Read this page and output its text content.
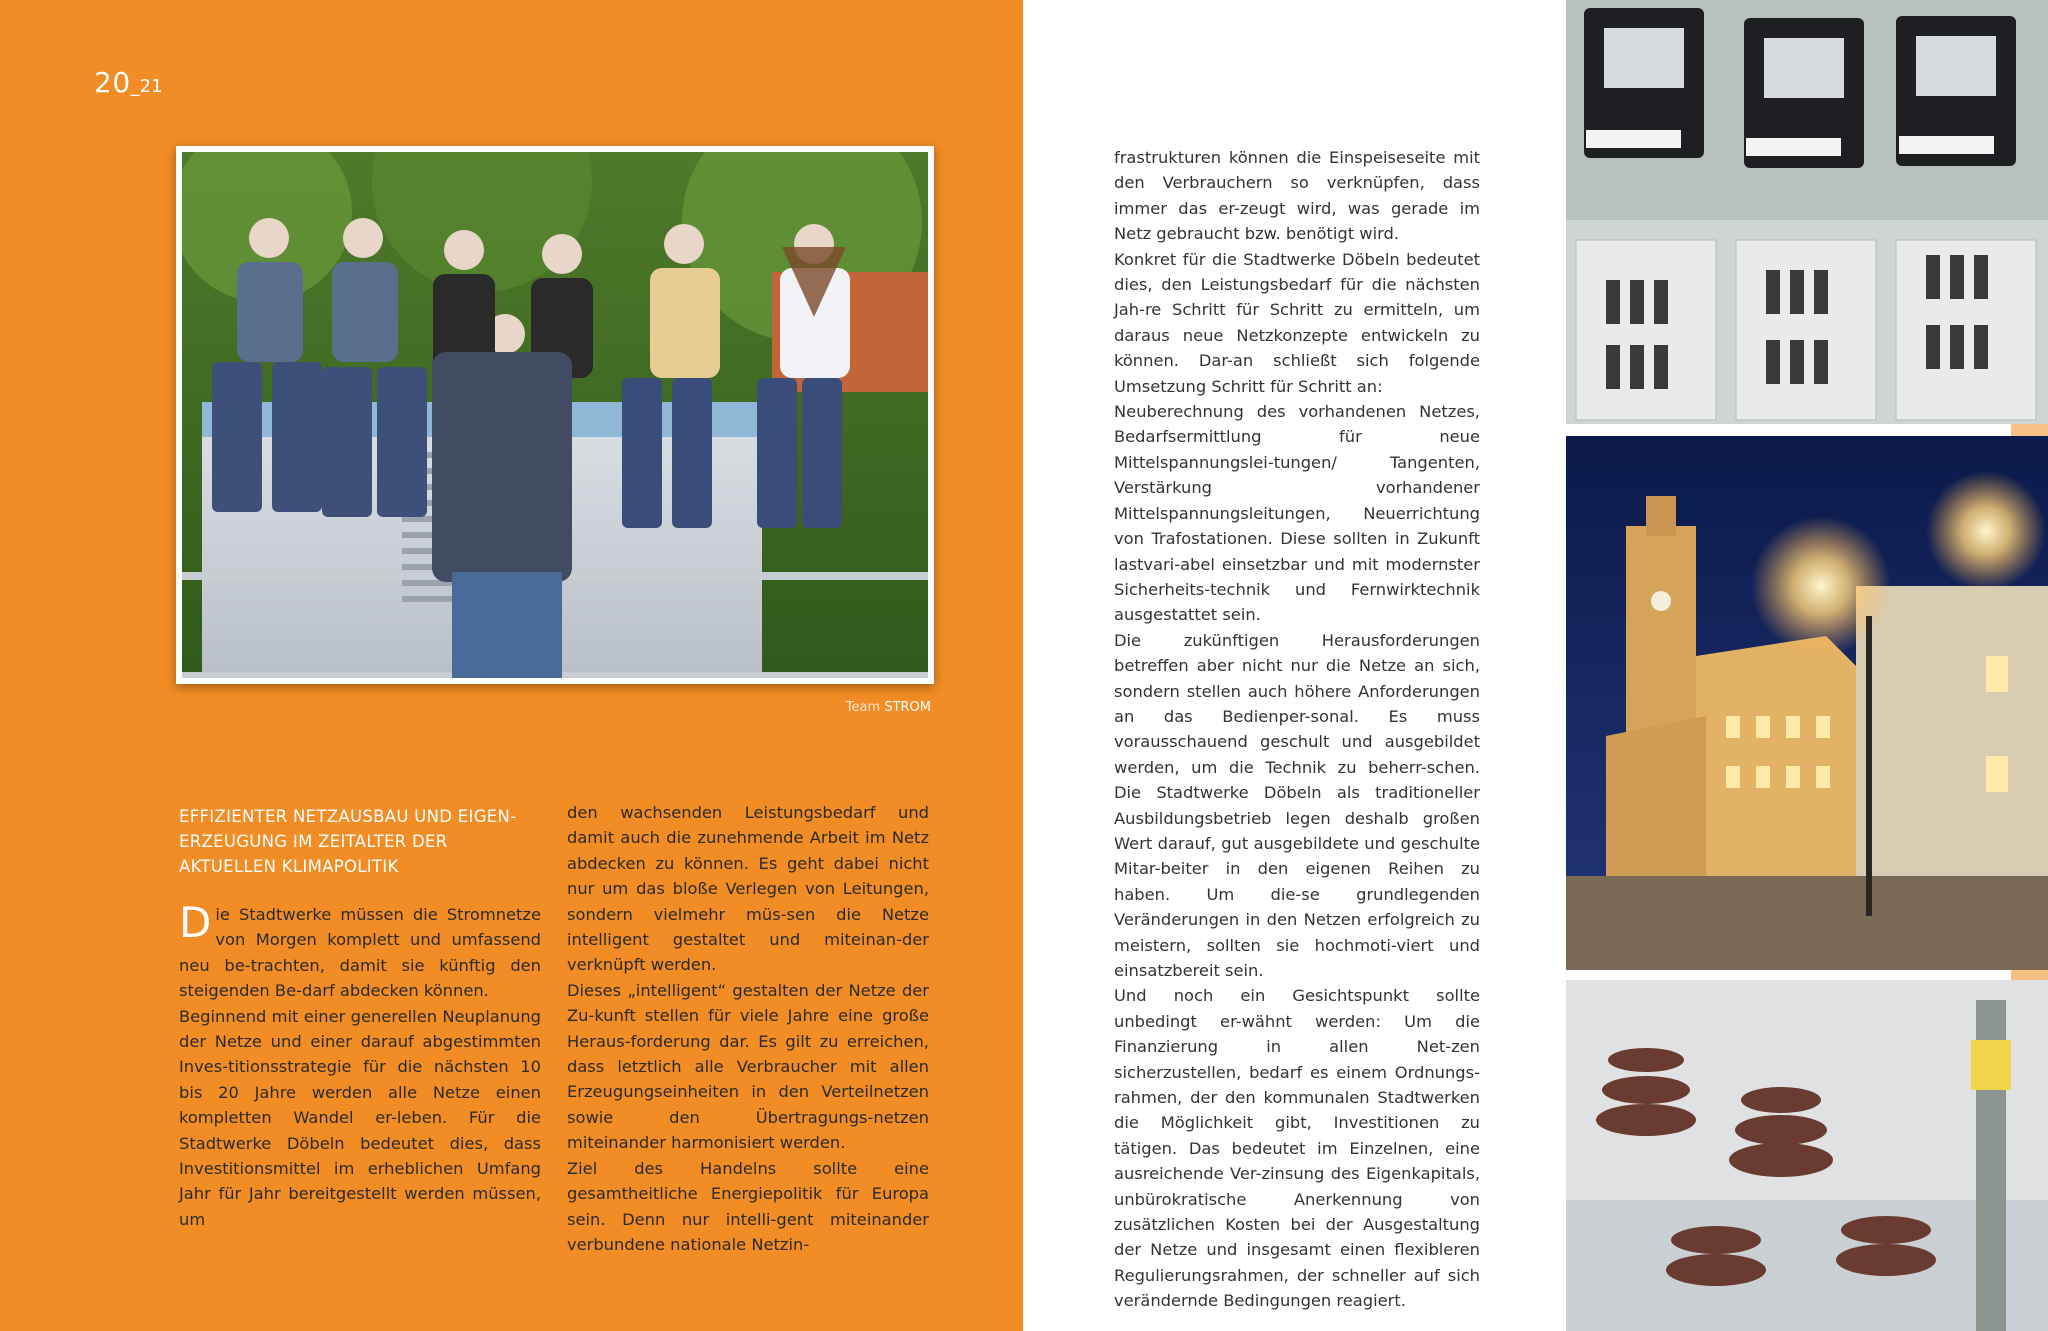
20_21
Team STROM
EFFIZIENTER NETZAUSBAU UND EIGEN-ERZEUGUNG IM ZEITALTER DER AKTUELLEN KLIMAPOLITIK

Die Stadtwerke müssen die Stromnetze von Morgen komplett und umfassend neu be-trachten, damit sie künftig den steigenden Be-darf abdecken können.

Beginnend mit einer generellen Neuplanung der Netze und einer darauf abgestimmten Inves-titionsstrategie für die nächsten 10 bis 20 Jahre werden alle Netze einen kompletten Wandel er-leben. Für die Stadtwerke Döbeln bedeutet dies, dass Investitionsmittel im erheblichen Umfang Jahr für Jahr bereitgestellt werden müssen, um

den wachsenden Leistungsbedarf und damit auch die zunehmende Arbeit im Netz abdecken zu können. Es geht dabei nicht nur um das bloße Verlegen von Leitungen, sondern vielmehr müs-sen die Netze intelligent gestaltet und miteinan-der verknüpft werden.

Dieses „intelligent“ gestalten der Netze der Zu-kunft stellen für viele Jahre eine große Heraus-forderung dar. Es gilt zu erreichen, dass letztlich alle Verbraucher mit allen Erzeugungseinheiten in den Verteilnetzen sowie den Übertragungs-netzen miteinander harmonisiert werden.

Ziel des Handelns sollte eine gesamtheitliche Energiepolitik für Europa sein. Denn nur intelli-gent miteinander verbundene nationale Netzin-

frastrukturen können die Einspeiseseite mit den Verbrauchern so verknüpfen, dass immer das er-zeugt wird, was gerade im Netz gebraucht bzw. benötigt wird.

Konkret für die Stadtwerke Döbeln bedeutet dies, den Leistungsbedarf für die nächsten Jah-re Schritt für Schritt zu ermitteln, um daraus neue Netzkonzepte entwickeln zu können. Dar-an schließt sich folgende Umsetzung Schritt für Schritt an:

Neuberechnung des vorhandenen Netzes, Bedarfsermittlung für neue Mittelspannungslei-tungen/ Tangenten, Verstärkung vorhandener Mittelspannungsleitungen, Neuerrichtung von Trafostationen. Diese sollten in Zukunft lastvari-abel einsetzbar und mit modernster Sicherheits-technik und Fernwirktechnik ausgestattet sein.

Die zukünftigen Herausforderungen betreffen aber nicht nur die Netze an sich, sondern stellen auch höhere Anforderungen an das Bedienper-sonal. Es muss vorausschauend geschult und ausgebildet werden, um die Technik zu beherr-schen. Die Stadtwerke Döbeln als traditioneller Ausbildungsbetrieb legen deshalb großen Wert darauf, gut ausgebildete und geschulte Mitar-beiter in den eigenen Reihen zu haben. Um die-se grundlegenden Veränderungen in den Netzen erfolgreich zu meistern, sollten sie hochmoti-viert und einsatzbereit sein.

Und noch ein Gesichtspunkt sollte unbedingt er-wähnt werden: Um die Finanzierung in allen Net-zen sicherzustellen, bedarf es einem Ordnungs-rahmen, der den kommunalen Stadtwerken die Möglichkeit gibt, Investitionen zu tätigen. Das bedeutet im Einzelnen, eine ausreichende Ver-zinsung des Eigenkapitals, unbürokratische Anerkennung von zusätzlichen Kosten bei der Ausgestaltung der Netze und insgesamt einen flexibleren Regulierungsrahmen, der schneller auf sich verändernde Bedingungen reagiert.
